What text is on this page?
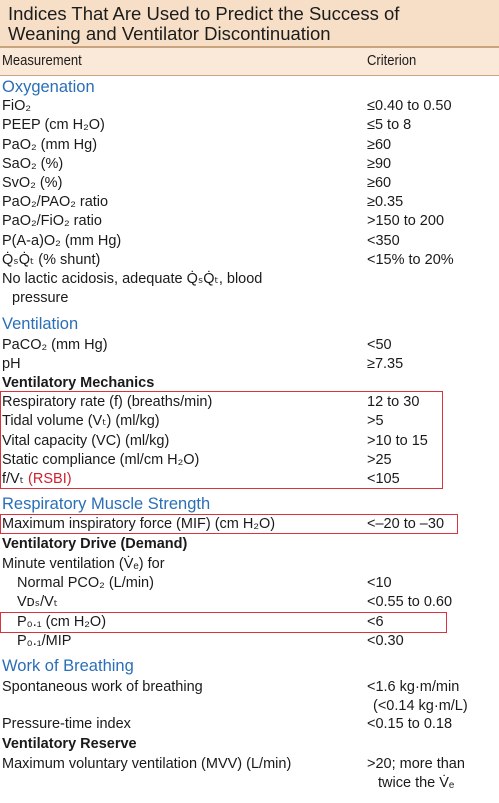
Indices That Are Used to Predict the Success of
Weaning and Ventilator Discontinuation
Measurement	Criterion
Oxygenation
FiO₂	≤0.40 to 0.50
PEEP (cm H₂O)	≤5 to 8
PaO₂ (mm Hg)	≥60
SaO₂ (%)	≥90
SvO₂ (%)	≥60
PaO₂/PAO₂ ratio	≥0.35
PaO₂/FiO₂ ratio	>150 to 200
P(A-a)O₂ (mm Hg)	<350
Q̇ₛQ̇ₜ (% shunt)	<15% to 20%
No lactic acidosis, adequate Q̇ₛQ̇ₜ, blood
pressure
Ventilation
PaCO₂ (mm Hg)	<50
pH	≥7.35
Ventilatory Mechanics
Respiratory rate (f) (breaths/min)	12 to 30
Tidal volume (Vₜ) (ml/kg)	>5
Vital capacity (VC) (ml/kg)	>10 to 15
Static compliance (ml/cm H₂O)	>25
f/Vₜ (RSBI)	<105
Respiratory Muscle Strength
Maximum inspiratory force (MIF) (cm H₂O)	<–20 to –30
Ventilatory Drive (Demand)
Minute ventilation (V̇ₑ) for
Normal PCO₂ (L/min)	<10
Vᴅₛ/Vₜ	<0.55 to 0.60
P₀.₁ (cm H₂O)	<6
P₀.₁/MIP	<0.30
Work of Breathing
Spontaneous work of breathing	<1.6 kg·m/min
(<0.14 kg·m/L)
Pressure-time index	<0.15 to 0.18
Ventilatory Reserve
Maximum voluntary ventilation (MVV) (L/min)	>20; more than
twice the V̇ₑ
